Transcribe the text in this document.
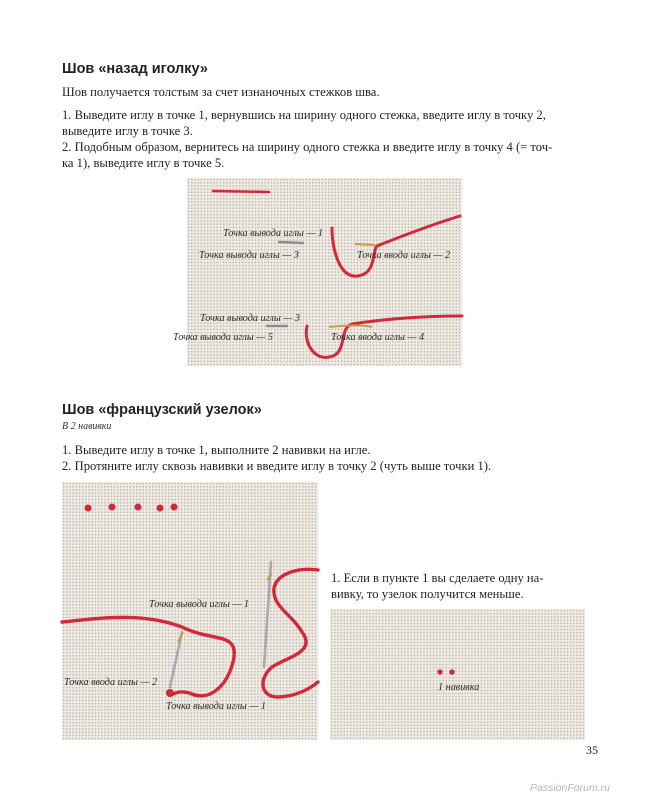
Шов «назад иголку»
Шов получается толстым за счет изнаночных стежков шва.
1. Выведите иглу в точке 1, вернувшись на ширину одного стежка, введите иглу в точку 2,
выведите иглу в точке 3.
2. Подобным образом, вернитесь на ширину одного стежка и введите иглу в точку 4 (= точ-
ка 1), выведите иглу в точке 5.
Точка вывода иглы — 1
Точка вывода иглы — 3	Точка ввода иглы — 2
Точка вывода иглы — 3
Точка вывода иглы — 5	Точка ввода иглы — 4
Шов «французский узелок»
В 2 навивки
1. Выведите иглу в точке 1, выполните 2 навивки на игле.
2. Протяните иглу сквозь навивки и введите иглу в точку 2 (чуть выше точки 1).
Точка вывода иглы — 1
Точка ввода иглы — 2
Точка вывода иглы — 1
1. Если в пункте 1 вы сделаете одну на-
вивку, то узелок получится меньше.
1 навивка
35
PassionForum.ru
